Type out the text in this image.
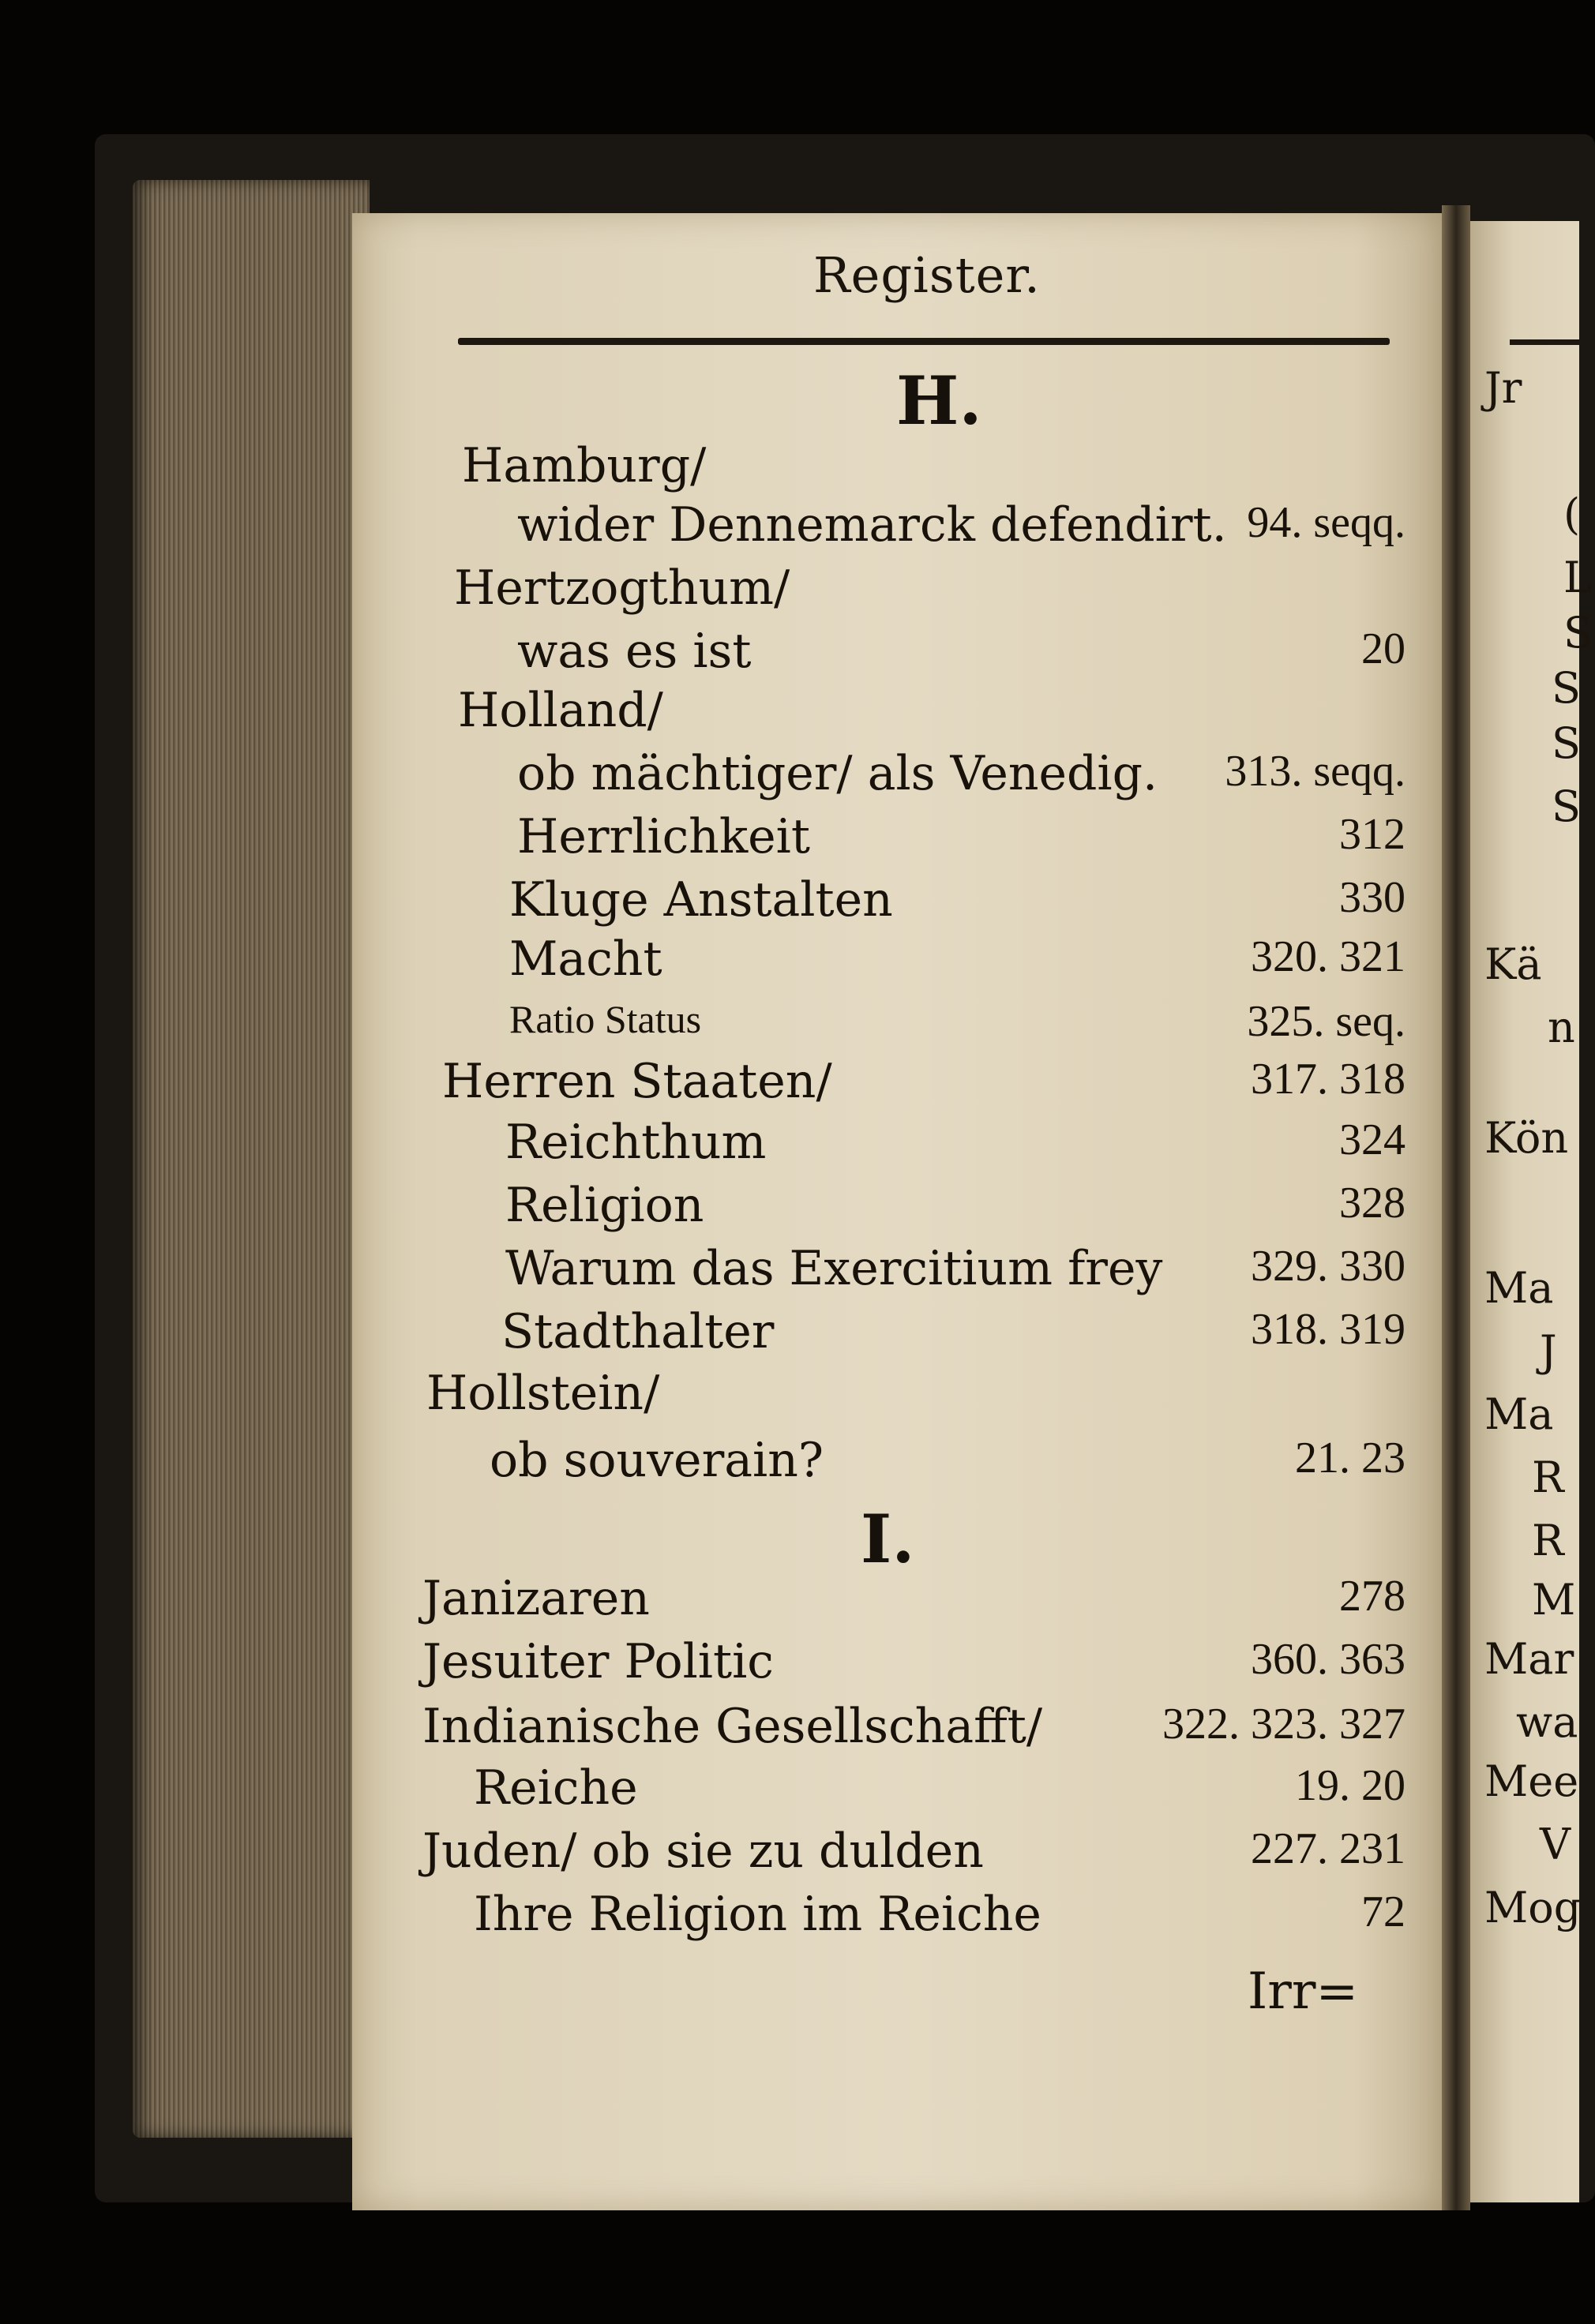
Register.
H.
Hamburg/
wider Dennemarck defendirt. 94. seqq.
Hertzogthum/
was es ist	20
Holland/
ob mächtiger/ als Venedig. 313. seqq.
Herrlichkeit	312
Kluge Anstalten	330
Macht	320. 321
Ratio Status	325. seq.
Herren Staaten/	317. 318
Reichthum	324
Religion	328
Warum das Exercitium frey 329. 330
Stadthalter	318. 319
Hollstein/
ob souverain?	21. 23
I.
Janizaren	278
Jesuiter Politic	360. 363
Indianische Gesellschafft/	322. 323. 327
Reiche	19. 20
Juden/ ob sie zu dulden	227. 231
Ihre Religion im Reiche	72
Irr=
Jr
(
L
S
S
S
S
Kä
n
Kön
Ma
J
Ma
R
R
M
Mar
wa
Mee
V
Mog
